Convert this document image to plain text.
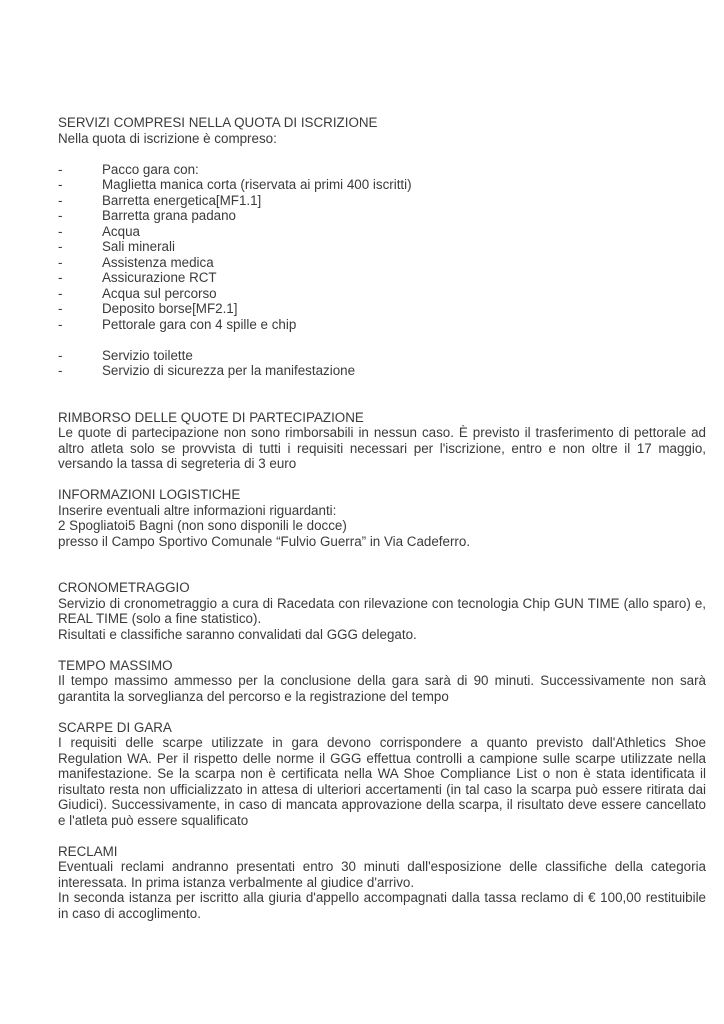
SERVIZI COMPRESI NELLA QUOTA DI ISCRIZIONE

Nella quota di iscrizione è compreso:

-	Pacco gara con:
-	Maglietta manica corta (riservata ai primi 400 iscritti)
-	Barretta energetica[MF1.1]
-	Barretta grana padano
-	Acqua
-	Sali minerali
-	Assistenza medica
-	Assicurazione RCT
-	Acqua sul percorso
-	Deposito borse[MF2.1]
-	Pettorale gara con 4 spille e chip
-	Servizio toilette
-	Servizio di sicurezza per la manifestazione

RIMBORSO DELLE QUOTE DI PARTECIPAZIONE

Le quote di partecipazione non sono rimborsabili in nessun caso. È previsto il trasferimento di pettorale ad altro atleta solo se provvista di tutti i requisiti necessari per l'iscrizione, entro e non oltre il 17 maggio, versando la tassa di segreteria di 3 euro

INFORMAZIONI LOGISTICHE

Inserire eventuali altre informazioni riguardanti:

2 Spogliatoi5 Bagni (non sono disponili le docce)

presso il Campo Sportivo Comunale “Fulvio Guerra” in Via Cadeferro.

CRONOMETRAGGIO

Servizio di cronometraggio a cura di Racedata con rilevazione con tecnologia Chip GUN TIME (allo sparo) e, REAL TIME (solo a fine statistico).

Risultati e classifiche saranno convalidati dal GGG delegato.

TEMPO MASSIMO

Il tempo massimo ammesso per la conclusione della gara sarà di 90 minuti. Successivamente non sarà garantita la sorveglianza del percorso e la registrazione del tempo

SCARPE DI GARA

I requisiti delle scarpe utilizzate in gara devono corrispondere a quanto previsto dall'Athletics Shoe Regulation WA. Per il rispetto delle norme il GGG effettua controlli a campione sulle scarpe utilizzate nella manifestazione. Se la scarpa non è certificata nella WA Shoe Compliance List o non è stata identificata il risultato resta non ufficializzato in attesa di ulteriori accertamenti (in tal caso la scarpa può essere ritirata dai Giudici). Successivamente, in caso di mancata approvazione della scarpa, il risultato deve essere cancellato e l'atleta può essere squalificato

RECLAMI

Eventuali reclami andranno presentati entro 30 minuti dall'esposizione delle classifiche della categoria interessata. In prima istanza verbalmente al giudice d'arrivo.

In seconda istanza per iscritto alla giuria d'appello accompagnati dalla tassa reclamo di € 100,00 restituibile in caso di accoglimento.
